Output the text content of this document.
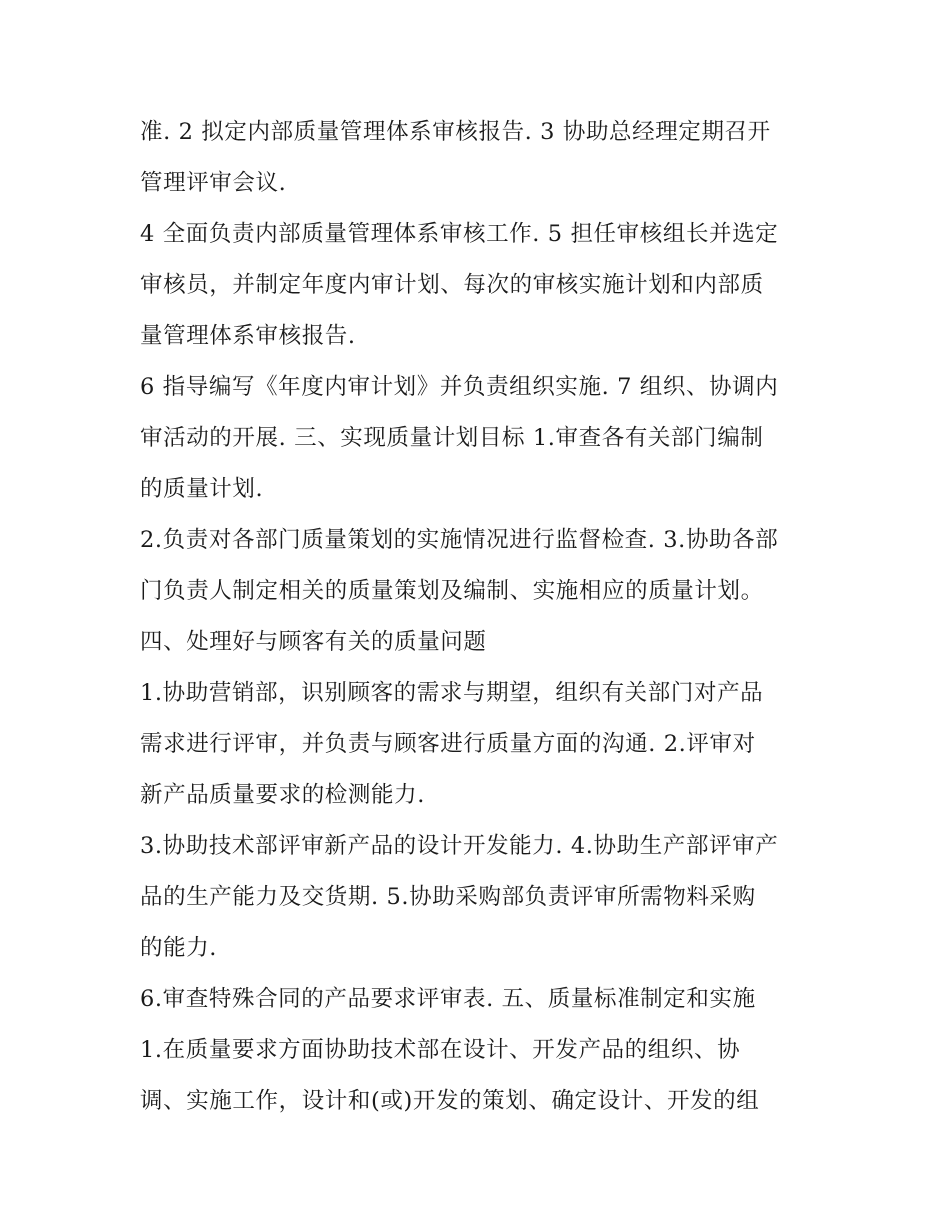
准. 2 拟定内部质量管理体系审核报告. 3 协助总经理定期召开
管理评审会议.
4 全面负责内部质量管理体系审核工作. 5 担任审核组长并选定
审核员，并制定年度内审计划、每次的审核实施计划和内部质
量管理体系审核报告.
6 指导编写《年度内审计划》并负责组织实施. 7 组织、协调内
审活动的开展. 三、实现质量计划目标 1.审查各有关部门编制
的质量计划.
2.负责对各部门质量策划的实施情况进行监督检查. 3.协助各部
门负责人制定相关的质量策划及编制、实施相应的质量计划。
四、处理好与顾客有关的质量问题
1.协助营销部，识别顾客的需求与期望，组织有关部门对产品
需求进行评审，并负责与顾客进行质量方面的沟通. 2.评审对
新产品质量要求的检测能力.
3.协助技术部评审新产品的设计开发能力. 4.协助生产部评审产
品的生产能力及交货期. 5.协助采购部负责评审所需物料采购
的能力.
6.审查特殊合同的产品要求评审表. 五、质量标准制定和实施
1.在质量要求方面协助技术部在设计、开发产品的组织、协
调、实施工作，设计和(或)开发的策划、确定设计、开发的组
